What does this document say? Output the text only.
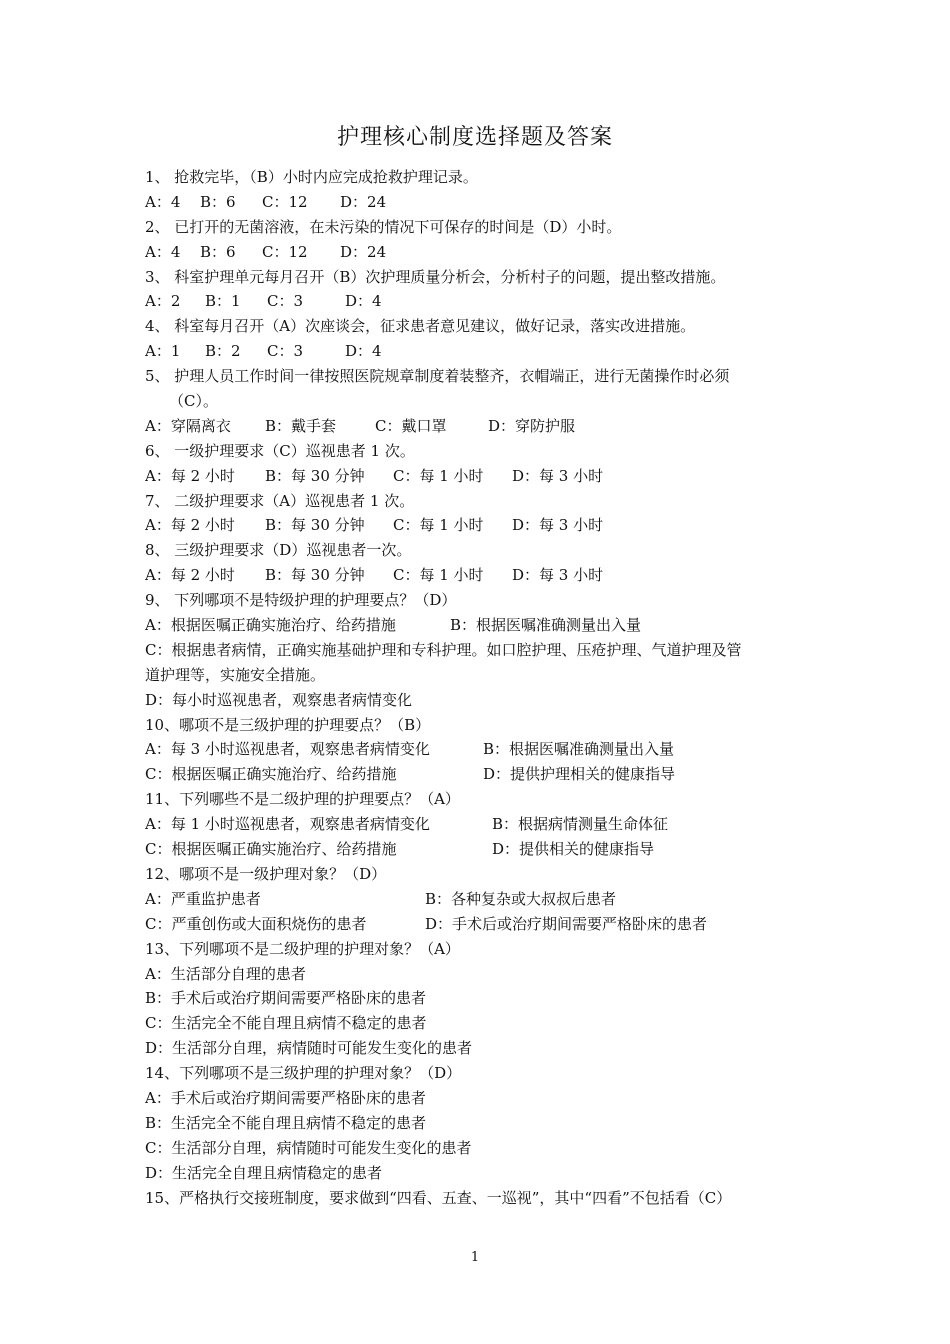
护理核心制度选择题及答案
1、 抢救完毕，（B）小时内应完成抢救护理记录。
A：4 B：6 C：12 D：24
2、 已打开的无菌溶液，在未污染的情况下可保存的时间是（D）小时。
A：4 B：6 C：12 D：24
3、 科室护理单元每月召开（B）次护理质量分析会，分析村子的问题，提出整改措施。
A：2 B：1 C：3	D：4
4、 科室每月召开（A）次座谈会，征求患者意见建议，做好记录，落实改进措施。
A：1 B：2 C：3	D：4
5、 护理人员工作时间一律按照医院规章制度着装整齐，衣帽端正，进行无菌操作时必须
（C）。
A：穿隔离衣 B：戴手套	C：戴口罩	D：穿防护服
6、 一级护理要求（C）巡视患者 1 次。
A：每 2 小时 B：每 30 分钟 C：每 1 小时 D：每 3 小时
7、 二级护理要求（A）巡视患者 1 次。
A：每 2 小时 B：每 30 分钟 C：每 1 小时 D：每 3 小时
8、 三级护理要求（D）巡视患者一次。
A：每 2 小时 B：每 30 分钟 C：每 1 小时 D：每 3 小时
9、 下列哪项不是特级护理的护理要点？（D）
A：根据医嘱正确实施治疗、给药措施	B：根据医嘱准确测量出入量
C：根据患者病情，正确实施基础护理和专科护理。如口腔护理、压疮护理、气道护理及管
道护理等，实施安全措施。
D：每小时巡视患者，观察患者病情变化
10、哪项不是三级护理的护理要点？（B）
A：每 3 小时巡视患者，观察患者病情变化	B：根据医嘱准确测量出入量
C：根据医嘱正确实施治疗、给药措施	D：提供护理相关的健康指导
11、下列哪些不是二级护理的护理要点？（A）
A：每 1 小时巡视患者，观察患者病情变化	B：根据病情测量生命体征
C：根据医嘱正确实施治疗、给药措施	D：提供相关的健康指导
12、哪项不是一级护理对象？（D）
A：严重监护患者	B：各种复杂或大叔叔后患者
C：严重创伤或大面积烧伤的患者	D：手术后或治疗期间需要严格卧床的患者
13、下列哪项不是二级护理的护理对象？（A）
A：生活部分自理的患者
B：手术后或治疗期间需要严格卧床的患者
C：生活完全不能自理且病情不稳定的患者
D：生活部分自理，病情随时可能发生变化的患者
14、下列哪项不是三级护理的护理对象？（D）
A：手术后或治疗期间需要严格卧床的患者
B：生活完全不能自理且病情不稳定的患者
C：生活部分自理，病情随时可能发生变化的患者
D：生活完全自理且病情稳定的患者
15、严格执行交接班制度，要求做到“四看、五查、一巡视”，其中“四看”不包括看（C）
1
